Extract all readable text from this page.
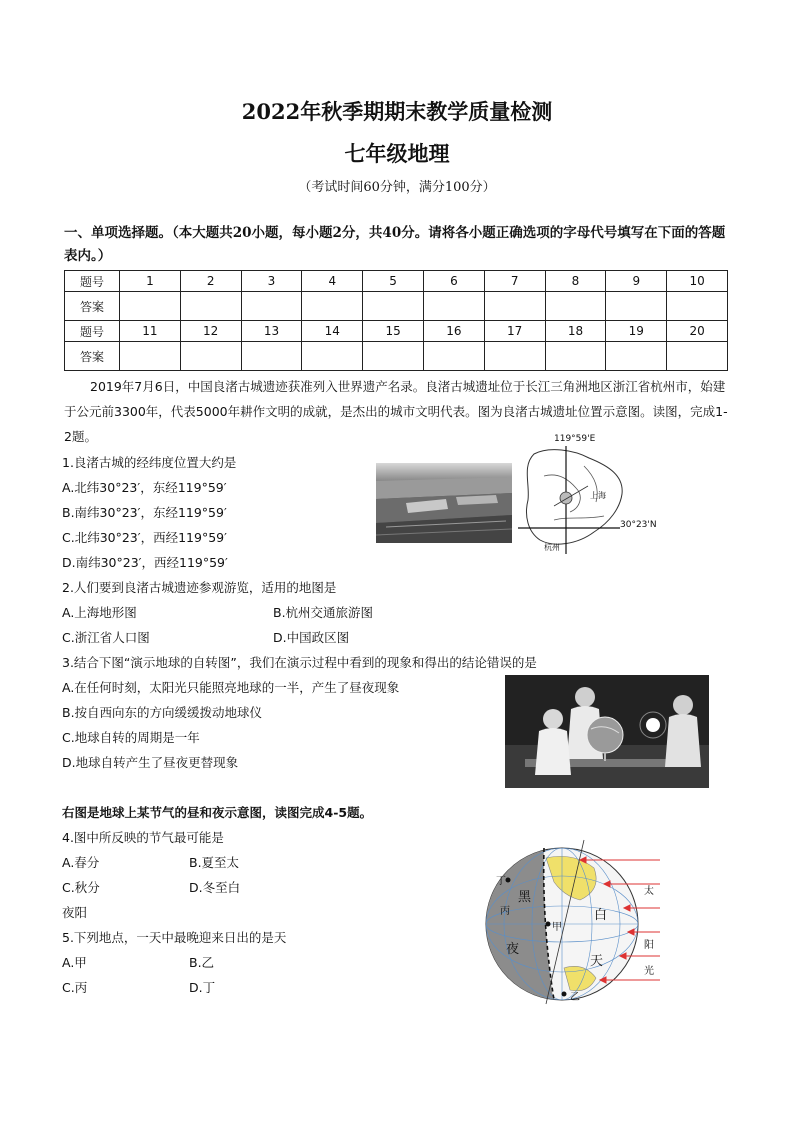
2022年秋季期期末教学质量检测
七年级地理
（考试时间60分钟，满分100分）
一、单项选择题。（本大题共20小题，每小题2分，共40分。请将各小题正确选项的字母代号填写在下面的答题表内。）
题号	1	2	3	4	5	6	7	8	9	10
答案										
题号	11	12	13	14	15	16	17	18	19	20
答案										
2019年7月6日，中国良渚古城遗迹获准列入世界遗产名录。良渚古城遗址位于长江三角洲地区浙江省杭州市，始建于公元前3300年，代表5000年耕作文明的成就，是杰出的城市文明代表。图为良渚古城遗址位置示意图。读图，完成1-2题。
1.良渚古城的经纬度位置大约是
A.北纬30°23′，东经119°59′
B.南纬30°23′，东经119°59′
C.北纬30°23′，西经119°59′
D.南纬30°23′，西经119°59′
119°59'E
30°23'N
上海
杭州
2.人们要到良渚古城遗迹参观游览，适用的地图是
A.上海地形图	B.杭州交通旅游图
C.浙江省人口图	D.中国政区图
3.结合下图“演示地球的自转图”，我们在演示过程中看到的现象和得出的结论错误的是
A.在任何时刻，太阳光只能照亮地球的一半，产生了昼夜现象
B.按自西向东的方向缓缓拨动地球仪
C.地球自转的周期是一年
D.地球自转产生了昼夜更替现象
右图是地球上某节气的昼和夜示意图，读图完成4-5题。
4.图中所反映的节气最可能是
A.春分	B.夏至太
C.秋分	D.冬至白
夜阳
5.下列地点，一天中最晚迎来日出的是天
A.甲	B.乙
C.丙	D.丁
丁
黑
丙
夜
甲
白
天
乙
太
阳
光
